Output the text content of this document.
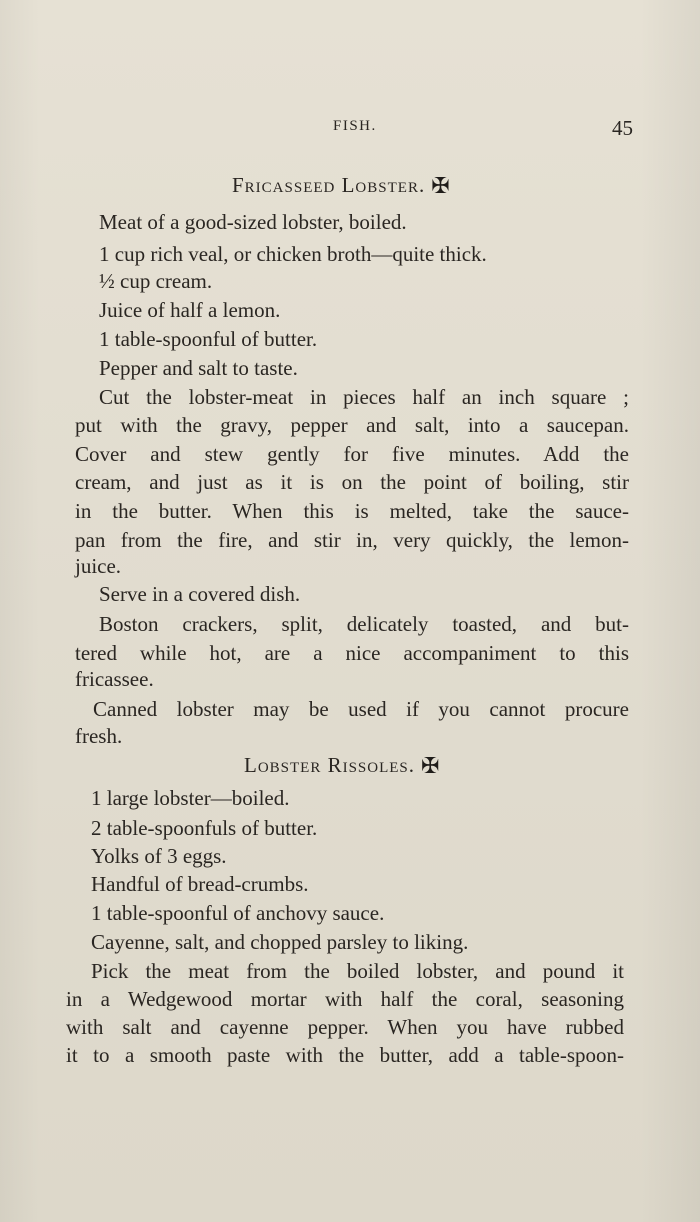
FISH.	45
Fricasseed Lobster. ✠
Meat of a good-sized lobster, boiled.
1 cup rich veal, or chicken broth—quite thick.
½ cup cream.
Juice of half a lemon.
1 table-spoonful of butter.
Pepper and salt to taste.
Cut the lobster-meat in pieces half an inch square ;
put with the gravy, pepper and salt, into a saucepan.
Cover and stew gently for five minutes. Add the
cream, and just as it is on the point of boiling, stir
in the butter. When this is melted, take the sauce-
pan from the fire, and stir in, very quickly, the lemon-
juice.
Serve in a covered dish.
Boston crackers, split, delicately toasted, and but-
tered while hot, are a nice accompaniment to this
fricassee.
Canned lobster may be used if you cannot procure
fresh.
Lobster Rissoles. ✠
1 large lobster—boiled.
2 table-spoonfuls of butter.
Yolks of 3 eggs.
Handful of bread-crumbs.
1 table-spoonful of anchovy sauce.
Cayenne, salt, and chopped parsley to liking.
Pick the meat from the boiled lobster, and pound it
in a Wedgewood mortar with half the coral, seasoning
with salt and cayenne pepper. When you have rubbed
it to a smooth paste with the butter, add a table-spoon-
